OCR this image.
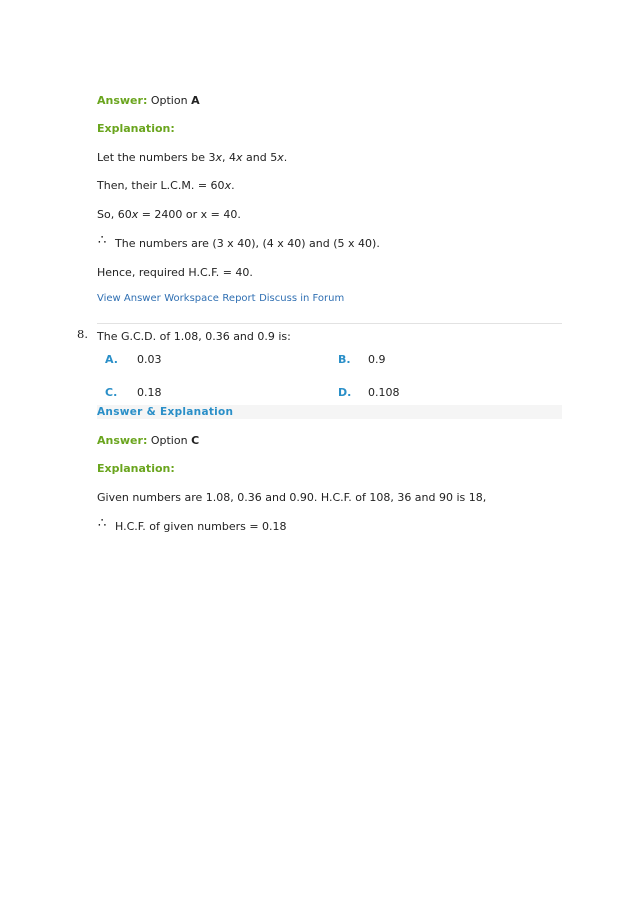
Answer: Option A
Explanation:
Let the numbers be 3x, 4x and 5x.
Then, their L.C.M. = 60x.
So, 60x = 2400 or x = 40.
∴ The numbers are (3 x 40), (4 x 40) and (5 x 40).
Hence, required H.C.F. = 40.
View Answer Workspace Report Discuss in Forum
8. The G.C.D. of 1.08, 0.36 and 0.9 is:
A. 0.03	B. 0.9
C. 0.18	D. 0.108
Answer & Explanation
Answer: Option C
Explanation:
Given numbers are 1.08, 0.36 and 0.90. H.C.F. of 108, 36 and 90 is 18,
∴ H.C.F. of given numbers = 0.18
